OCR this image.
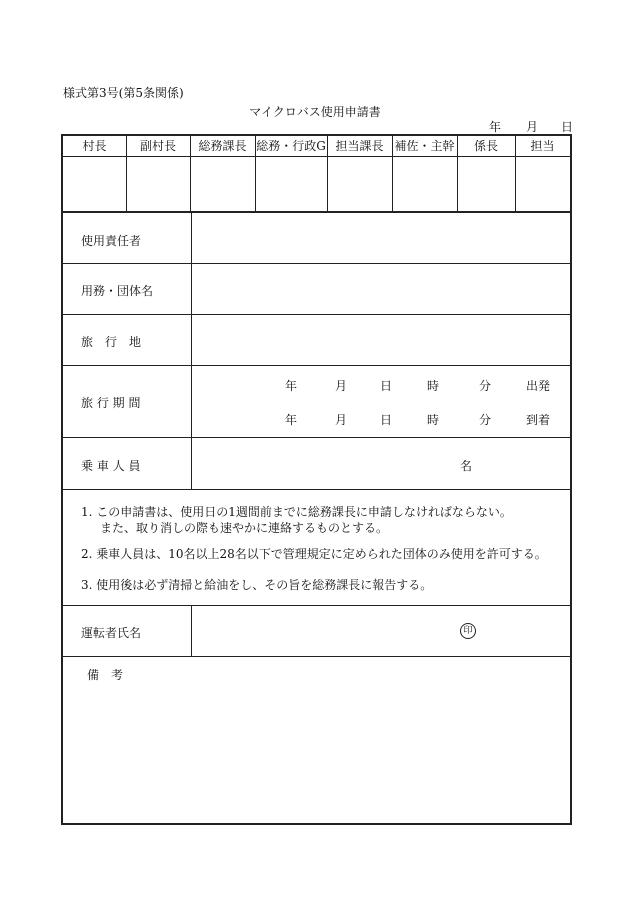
様式第3号(第5条関係)
マイクロバス使用申請書
年 月 日
村長	副村長	総務課長 総務・行政G 担当課長 補佐・主幹	係長	担当
使用責任者
用務・団体名
旅　行　地
旅 行 期 間
年	月	日	時	分	出発
年	月	日	時	分	到着
乗 車 人 員	名
1. この申請書は、使用日の1週間前までに総務課長に申請しなければならない。
また、取り消しの際も速やかに連絡するものとする。
2. 乗車人員は、10名以上28名以下で管理規定に定められた団体のみ使用を許可する。
3. 使用後は必ず清掃と給油をし、その旨を総務課長に報告する。
運転者氏名	印
備　考
